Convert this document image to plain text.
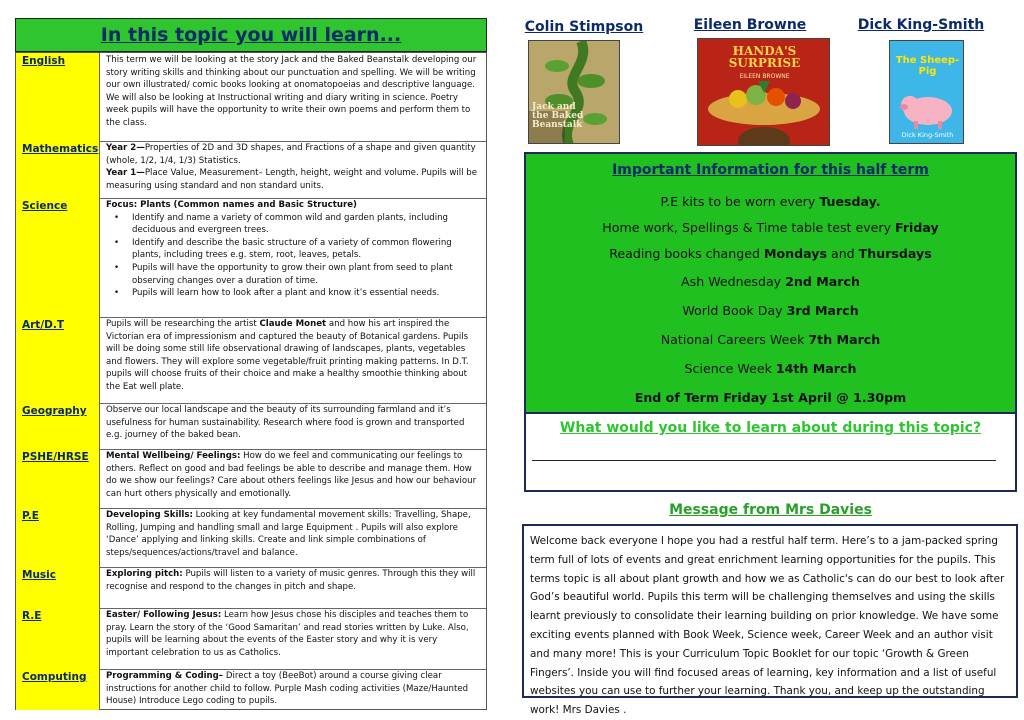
In this topic you will learn...
English	This term we will be looking at the story Jack and the Baked Beanstalk developing our story writing skills and thinking about our punctuation and spelling. We will be writing our own illustrated/ comic books looking at onomatopoeias and descriptive language. We will also be looking at Instructional writing and diary writing in science. Poetry week pupils will have the opportunity to write their own poems and perform them to the class.
Mathematics Year 2—Properties of 2D and 3D shapes, and Fractions of a shape and given quantity (whole, 1/2, 1/4, 1/3) Statistics.
Year 1—Place Value, Measurement– Length, height, weight and volume. Pupils will be measuring using standard and non standard units.
Science	Focus: Plants (Common names and Basic Structure)
• Identify and name a variety of common wild and garden plants, including deciduous and evergreen trees.
• Identify and describe the basic structure of a variety of common flowering plants, including trees e.g. stem, root, leaves, petals.
• Pupils will have the opportunity to grow their own plant from seed to plant observing changes over a duration of time.
• Pupils will learn how to look after a plant and know it’s essential needs.
Art/D.T	Pupils will be researching the artist Claude Monet and how his art inspired the Victorian era of impressionism and captured the beauty of Botanical gardens. Pupils will be doing some still life observational drawing of landscapes, plants, vegetables and flowers. They will explore some vegetable/fruit printing making patterns. In D.T. pupils will choose fruits of their choice and make a healthy smoothie thinking about the Eat well plate.
Geography	Observe our local landscape and the beauty of its surrounding farmland and it’s usefulness for human sustainability. Research where food is grown and transported e.g. journey of the baked bean.
PSHE/HRSE	Mental Wellbeing/ Feelings: How do we feel and communicating our feelings to others. Reflect on good and bad feelings be able to describe and manage them. How do we show our feelings? Care about others feelings like Jesus and how our behaviour can hurt others physically and emotionally.
P.E	Developing Skills: Looking at key fundamental movement skills: Travelling, Shape, Rolling, Jumping and handling small and large Equipment . Pupils will also explore ‘Dance’ applying and linking skills. Create and link simple combinations of steps/sequences/actions/travel and balance.
Music	Exploring pitch: Pupils will listen to a variety of music genres. Through this they will recognise and respond to the changes in pitch and shape.
R.E	Easter/ Following Jesus: Learn how Jesus chose his disciples and teaches them to pray. Learn the story of the ‘Good Samaritan’ and read stories written by Luke. Also, pupils will be learning about the events of the Easter story and why it is very important celebration to us as Catholics.
Computing	Programming & Coding– Direct a toy (BeeBot) around a course giving clear instructions for another child to follow. Purple Mash coding activities (Maze/Haunted House) Introduce Lego coding to pupils.
Colin Stimpson	Eileen Browne	Dick King-Smith
Jack and the Baked Beanstalk
HANDA'S SURPRISE
EILEEN BROWNE
The Sheep-Pig
Dick King-Smith
Important Information for this half term
P.E kits to be worn every Tuesday.
Home work, Spellings & Time table test every Friday
Reading books changed Mondays and Thursdays
Ash Wednesday 2nd March
World Book Day 3rd March
National Careers Week 7th March
Science Week 14th March
End of Term Friday 1st April @ 1.30pm
What would you like to learn about during this topic?
Message from Mrs Davies
Welcome back everyone I hope you had a restful half term. Here’s to a jam-packed spring term full of lots of events and great enrichment learning opportunities for the pupils. This terms topic is all about plant growth and how we as Catholic's can do our best to look after God’s beautiful world. Pupils this term will be challenging themselves and using the skills learnt previously to consolidate their learning building on prior knowledge. We have some exciting events planned with Book Week, Science week, Career Week and an author visit and many more! This is your Curriculum Topic Booklet for our topic ‘Growth & Green Fingers’. Inside you will find focused areas of learning, key information and a list of useful websites you can use to further your learning. Thank you, and keep up the outstanding work! Mrs Davies .
